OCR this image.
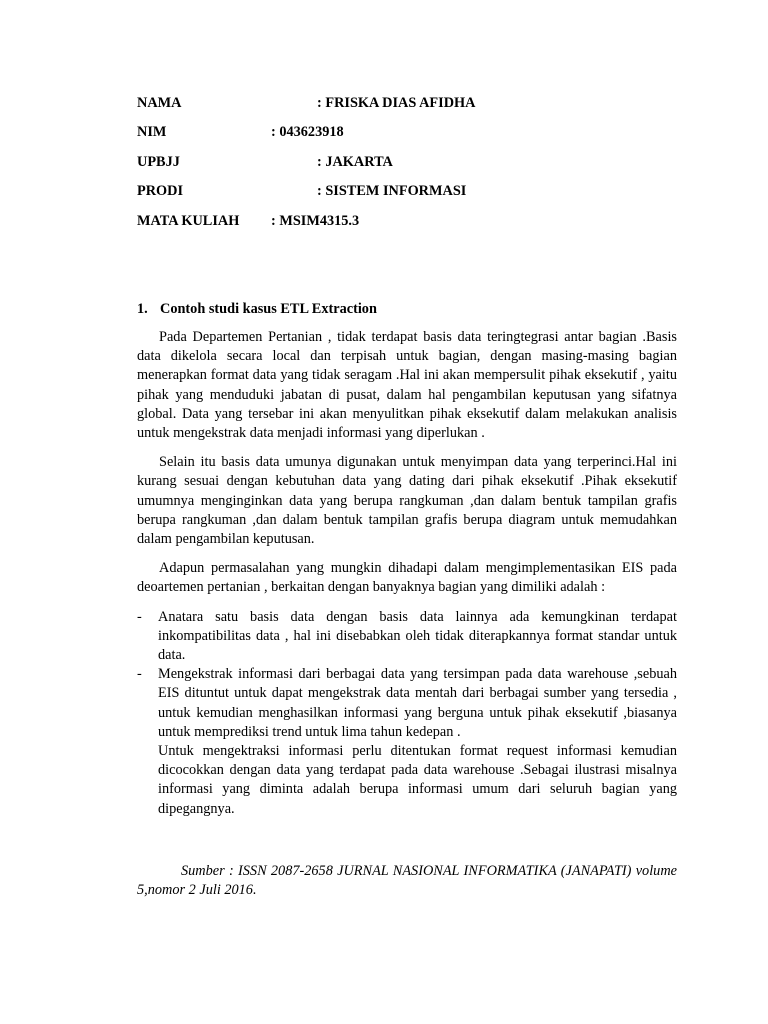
NAMA	: FRISKA DIAS AFIDHA
NIM	: 043623918
UPBJJ	: JAKARTA
PRODI	: SISTEM INFORMASI
MATA KULIAH : MSIM4315.3
1. Contoh studi kasus ETL Extraction

Pada Departemen Pertanian , tidak terdapat basis data teringtegrasi antar bagian .Basis data dikelola secara local dan terpisah untuk bagian, dengan masing-masing bagian menerapkan format data yang tidak seragam .Hal ini akan mempersulit pihak eksekutif , yaitu pihak yang menduduki jabatan di pusat, dalam hal pengambilan keputusan yang sifatnya global. Data yang tersebar ini akan menyulitkan pihak eksekutif dalam melakukan analisis untuk mengekstrak data menjadi informasi yang diperlukan .

Selain itu basis data umunya digunakan untuk menyimpan data yang terperinci.Hal ini kurang sesuai dengan kebutuhan data yang dating dari pihak eksekutif .Pihak eksekutif umumnya menginginkan data yang berupa rangkuman ,dan dalam bentuk tampilan grafis berupa rangkuman ,dan dalam bentuk tampilan grafis berupa diagram untuk memudahkan dalam pengambilan keputusan.

Adapun permasalahan yang mungkin dihadapi dalam mengimplementasikan EIS pada deoartemen pertanian , berkaitan dengan banyaknya bagian yang dimiliki adalah :

- Anatara satu basis data dengan basis data lainnya ada kemungkinan terdapat inkompatibilitas data , hal ini disebabkan oleh tidak diterapkannya format standar untuk data.
- Mengekstrak informasi dari berbagai data yang tersimpan pada data warehouse ,sebuah EIS dituntut untuk dapat mengekstrak data mentah dari berbagai sumber yang tersedia , untuk kemudian menghasilkan informasi yang berguna untuk pihak eksekutif ,biasanya untuk memprediksi trend untuk lima tahun kedepan .

Untuk mengektraksi informasi perlu ditentukan format request informasi kemudian dicocokkan dengan data yang terdapat pada data warehouse .Sebagai ilustrasi misalnya informasi yang diminta adalah berupa informasi umum dari seluruh bagian yang dipegangnya.

Sumber : ISSN 2087-2658 JURNAL NASIONAL INFORMATIKA (JANAPATI) volume 5,nomor 2 Juli 2016.
